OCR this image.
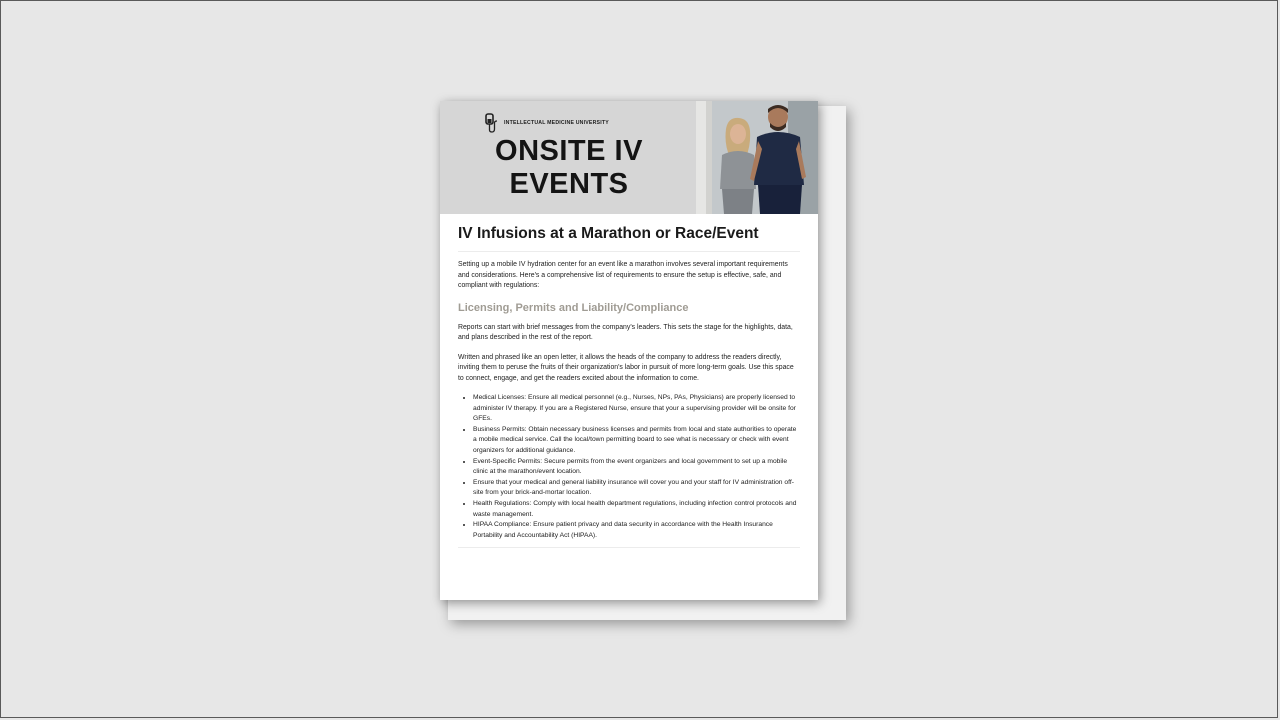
INTELLECTUAL MEDICINE UNIVERSITY
ONSITE IV
EVENTS
IV Infusions at a Marathon or Race/Event

Setting up a mobile IV hydration center for an event like a marathon involves several important requirements and considerations. Here's a comprehensive list of requirements to ensure the setup is effective, safe, and compliant with regulations:

Licensing, Permits and Liability/Compliance

Reports can start with brief messages from the company's leaders. This sets the stage for the highlights, data, and plans described in the rest of the report.

Written and phrased like an open letter, it allows the heads of the company to address the readers directly, inviting them to peruse the fruits of their organization's labor in pursuit of more long-term goals. Use this space to connect, engage, and get the readers excited about the information to come.

• Medical Licenses: Ensure all medical personnel (e.g., Nurses, NPs, PAs, Physicians) are properly licensed to administer IV therapy. If you are a Registered Nurse, ensure that your a supervising provider will be onsite for GFEs.
• Business Permits: Obtain necessary business licenses and permits from local and state authorities to operate a mobile medical service. Call the local/town permitting board to see what is necessary or check with event organizers for additional guidance.
• Event-Specific Permits: Secure permits from the event organizers and local government to set up a mobile clinic at the marathon/event location.
• Ensure that your medical and general liability insurance will cover you and your staff for IV administration off-site from your brick-and-mortar location.
• Health Regulations: Comply with local health department regulations, including infection control protocols and waste management.
• HIPAA Compliance: Ensure patient privacy and data security in accordance with the Health Insurance Portability and Accountability Act (HIPAA).
